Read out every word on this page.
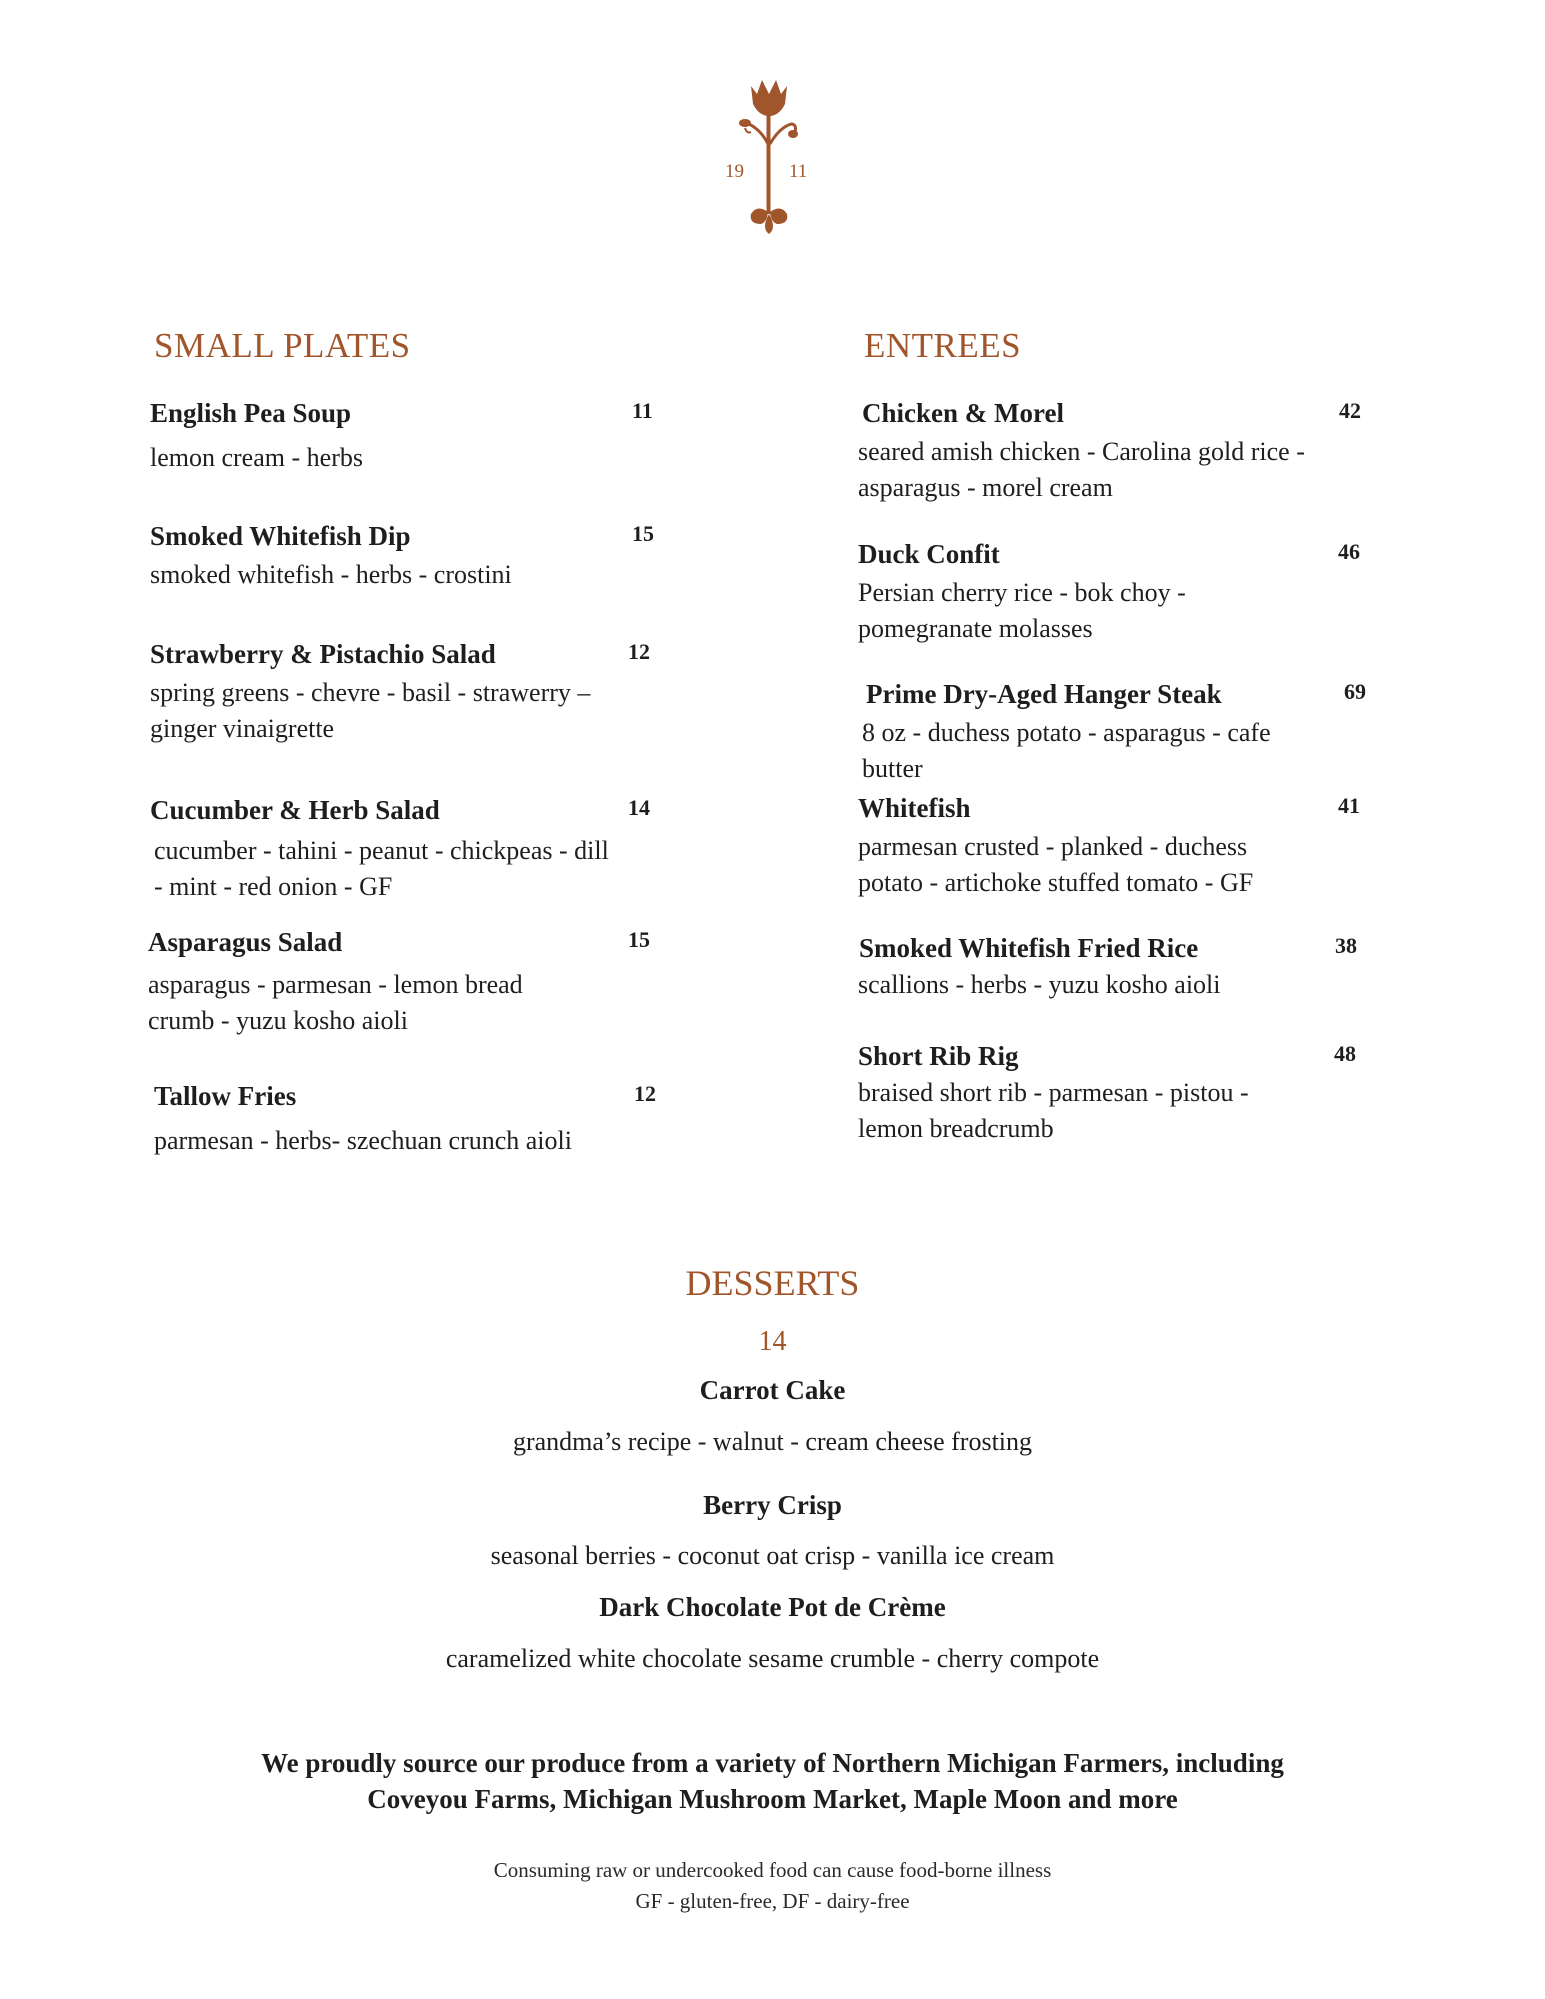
19 11
SMALL PLATES
English Pea Soup	11
lemon cream - herbs
Smoked Whitefish Dip	15
smoked whitefish - herbs - crostini
Strawberry & Pistachio Salad	12
spring greens - chevre - basil - strawerry –
ginger vinaigrette
Cucumber & Herb Salad	14
cucumber - tahini - peanut - chickpeas - dill
- mint - red onion - GF
Asparagus Salad	15
asparagus - parmesan - lemon bread
crumb - yuzu kosho aioli
Tallow Fries	12
parmesan - herbs- szechuan crunch aioli
ENTREES
Chicken & Morel	42
seared amish chicken - Carolina gold rice -
asparagus - morel cream
Duck Confit	46
Persian cherry rice - bok choy -
pomegranate molasses
Prime Dry-Aged Hanger Steak	69
8 oz - duchess potato - asparagus - cafe
butter
Whitefish	41
parmesan crusted - planked - duchess
potato - artichoke stuffed tomato - GF
Smoked Whitefish Fried Rice	38
scallions - herbs - yuzu kosho aioli
Short Rib Rig	48
braised short rib - parmesan - pistou -
lemon breadcrumb
DESSERTS
14
Carrot Cake
grandma’s recipe - walnut - cream cheese frosting
Berry Crisp
seasonal berries - coconut oat crisp - vanilla ice cream
Dark Chocolate Pot de Crème
caramelized white chocolate sesame crumble - cherry compote
We proudly source our produce from a variety of Northern Michigan Farmers, including
Coveyou Farms, Michigan Mushroom Market, Maple Moon and more
Consuming raw or undercooked food can cause food-borne illness
GF - gluten-free, DF - dairy-free
